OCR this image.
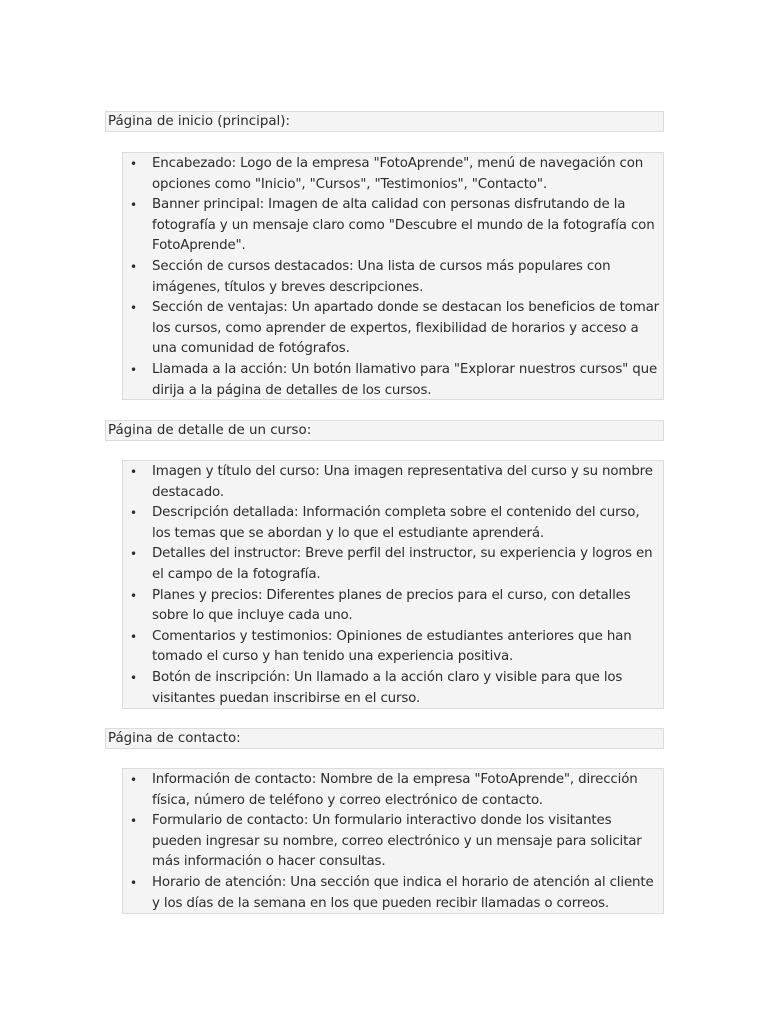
Página de inicio (principal):
• Encabezado: Logo de la empresa "FotoAprende", menú de navegación con opciones como "Inicio", "Cursos", "Testimonios", "Contacto".
• Banner principal: Imagen de alta calidad con personas disfrutando de la fotografía y un mensaje claro como "Descubre el mundo de la fotografía con FotoAprende".
• Sección de cursos destacados: Una lista de cursos más populares con imágenes, títulos y breves descripciones.
• Sección de ventajas: Un apartado donde se destacan los beneficios de tomar los cursos, como aprender de expertos, flexibilidad de horarios y acceso a una comunidad de fotógrafos.
• Llamada a la acción: Un botón llamativo para "Explorar nuestros cursos" que dirija a la página de detalles de los cursos.
Página de detalle de un curso:
• Imagen y título del curso: Una imagen representativa del curso y su nombre destacado.
• Descripción detallada: Información completa sobre el contenido del curso, los temas que se abordan y lo que el estudiante aprenderá.
• Detalles del instructor: Breve perfil del instructor, su experiencia y logros en el campo de la fotografía.
• Planes y precios: Diferentes planes de precios para el curso, con detalles sobre lo que incluye cada uno.
• Comentarios y testimonios: Opiniones de estudiantes anteriores que han tomado el curso y han tenido una experiencia positiva.
• Botón de inscripción: Un llamado a la acción claro y visible para que los visitantes puedan inscribirse en el curso.
Página de contacto:
• Información de contacto: Nombre de la empresa "FotoAprende", dirección física, número de teléfono y correo electrónico de contacto.
• Formulario de contacto: Un formulario interactivo donde los visitantes pueden ingresar su nombre, correo electrónico y un mensaje para solicitar más información o hacer consultas.
• Horario de atención: Una sección que indica el horario de atención al cliente y los días de la semana en los que pueden recibir llamadas o correos.
